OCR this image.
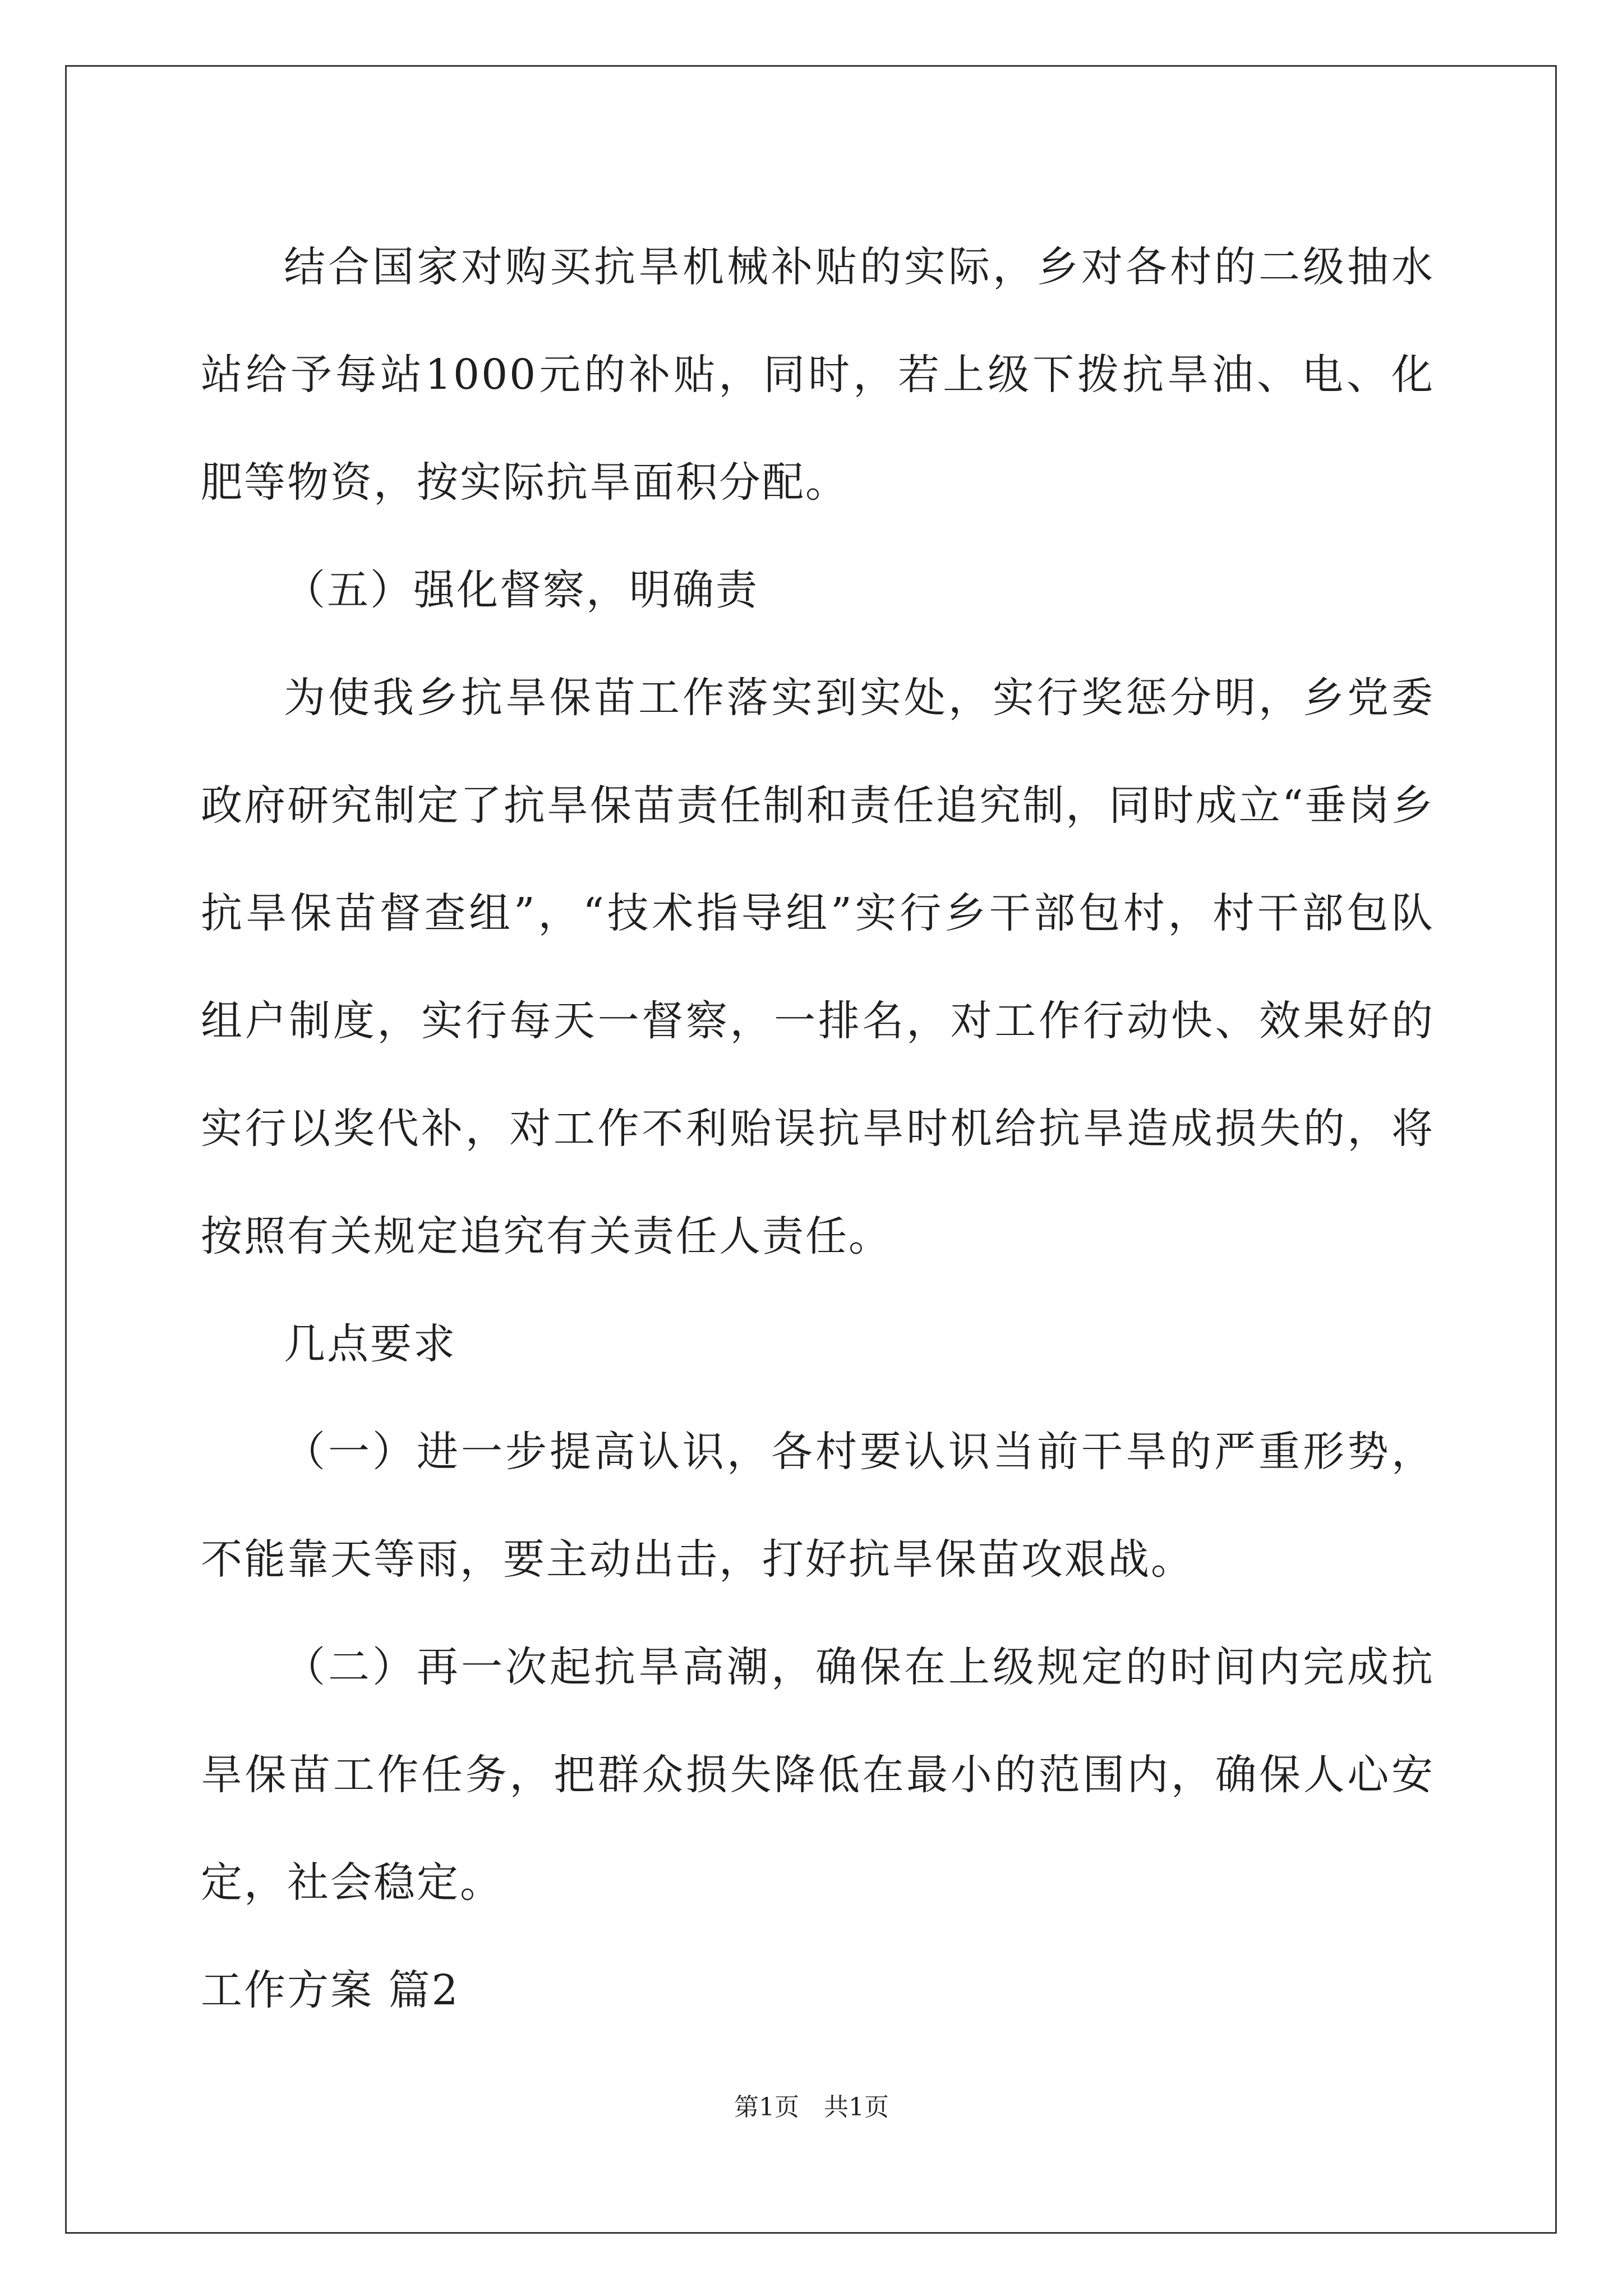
结合国家对购买抗旱机械补贴的实际，乡对各村的二级抽水站给予每站1000元的补贴，同时，若上级下拨抗旱油、电、化肥等物资，按实际抗旱面积分配。

（五）强化督察，明确责

为使我乡抗旱保苗工作落实到实处，实行奖惩分明，乡党委政府研究制定了抗旱保苗责任制和责任追究制，同时成立“垂岗乡抗旱保苗督查组”，“技术指导组”实行乡干部包村，村干部包队组户制度，实行每天一督察，一排名，对工作行动快、效果好的实行以奖代补，对工作不利贻误抗旱时机给抗旱造成损失的，将按照有关规定追究有关责任人责任。

几点要求

（一）进一步提高认识，各村要认识当前干旱的严重形势，不能靠天等雨，要主动出击，打好抗旱保苗攻艰战。

（二）再一次起抗旱高潮，确保在上级规定的时间内完成抗旱保苗工作任务，把群众损失降低在最小的范围内，确保人心安定，社会稳定。

工作方案 篇2

第1页　共1页
